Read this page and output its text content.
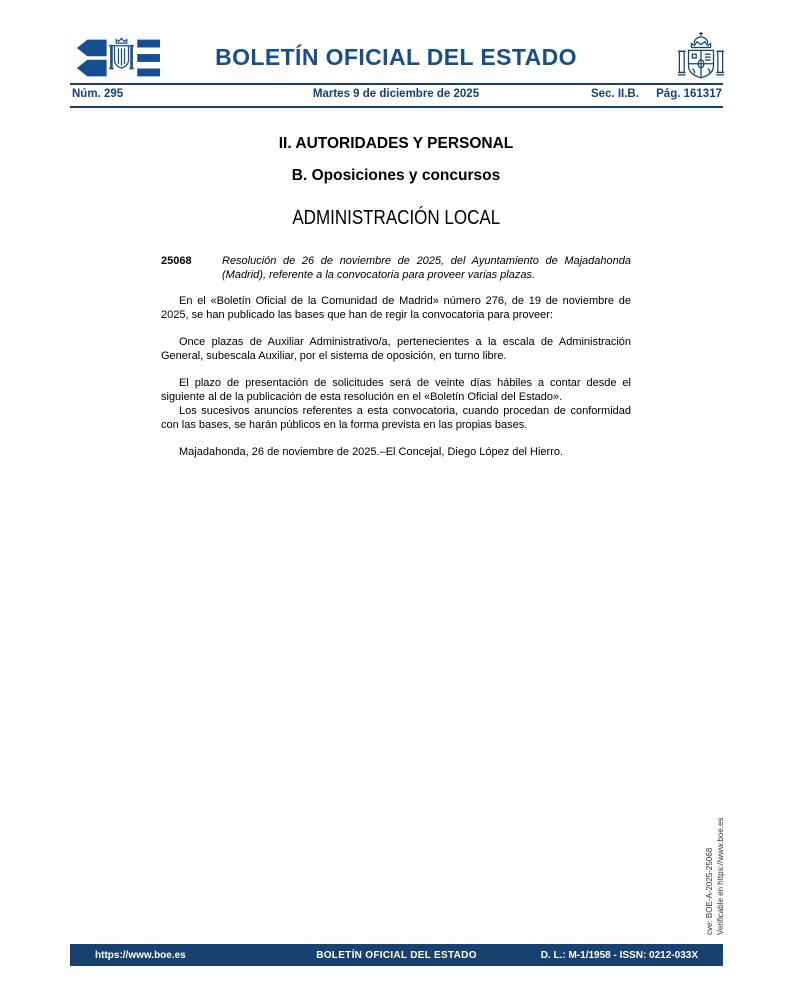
BOLETÍN OFICIAL DEL ESTADO
Núm. 295	Martes 9 de diciembre de 2025	Sec. II.B. Pág. 161317
II. AUTORIDADES Y PERSONAL
B. Oposiciones y concursos
ADMINISTRACIÓN LOCAL
25068	Resolución de 26 de noviembre de 2025, del Ayuntamiento de Majadahonda (Madrid), referente a la convocatoria para proveer varias plazas.

En el «Boletín Oficial de la Comunidad de Madrid» número 276, de 19 de noviembre de 2025, se han publicado las bases que han de regir la convocatoria para proveer:

Once plazas de Auxiliar Administrativo/a, pertenecientes a la escala de Administración General, subescala Auxiliar, por el sistema de oposición, en turno libre.

El plazo de presentación de solicitudes será de veinte días hábiles a contar desde el siguiente al de la publicación de esta resolución en el «Boletín Oficial del Estado».

Los sucesivos anuncios referentes a esta convocatoria, cuando procedan de conformidad con las bases, se harán públicos en la forma prevista en las propias bases.

Majadahonda, 26 de noviembre de 2025.–El Concejal, Diego López del Hierro.

cve: BOE-A-2025-25068 Verificable en https://www.boe.es
https://www.boe.es	BOLETÍN OFICIAL DEL ESTADO	D. L.: M-1/1958 - ISSN: 0212-033X
